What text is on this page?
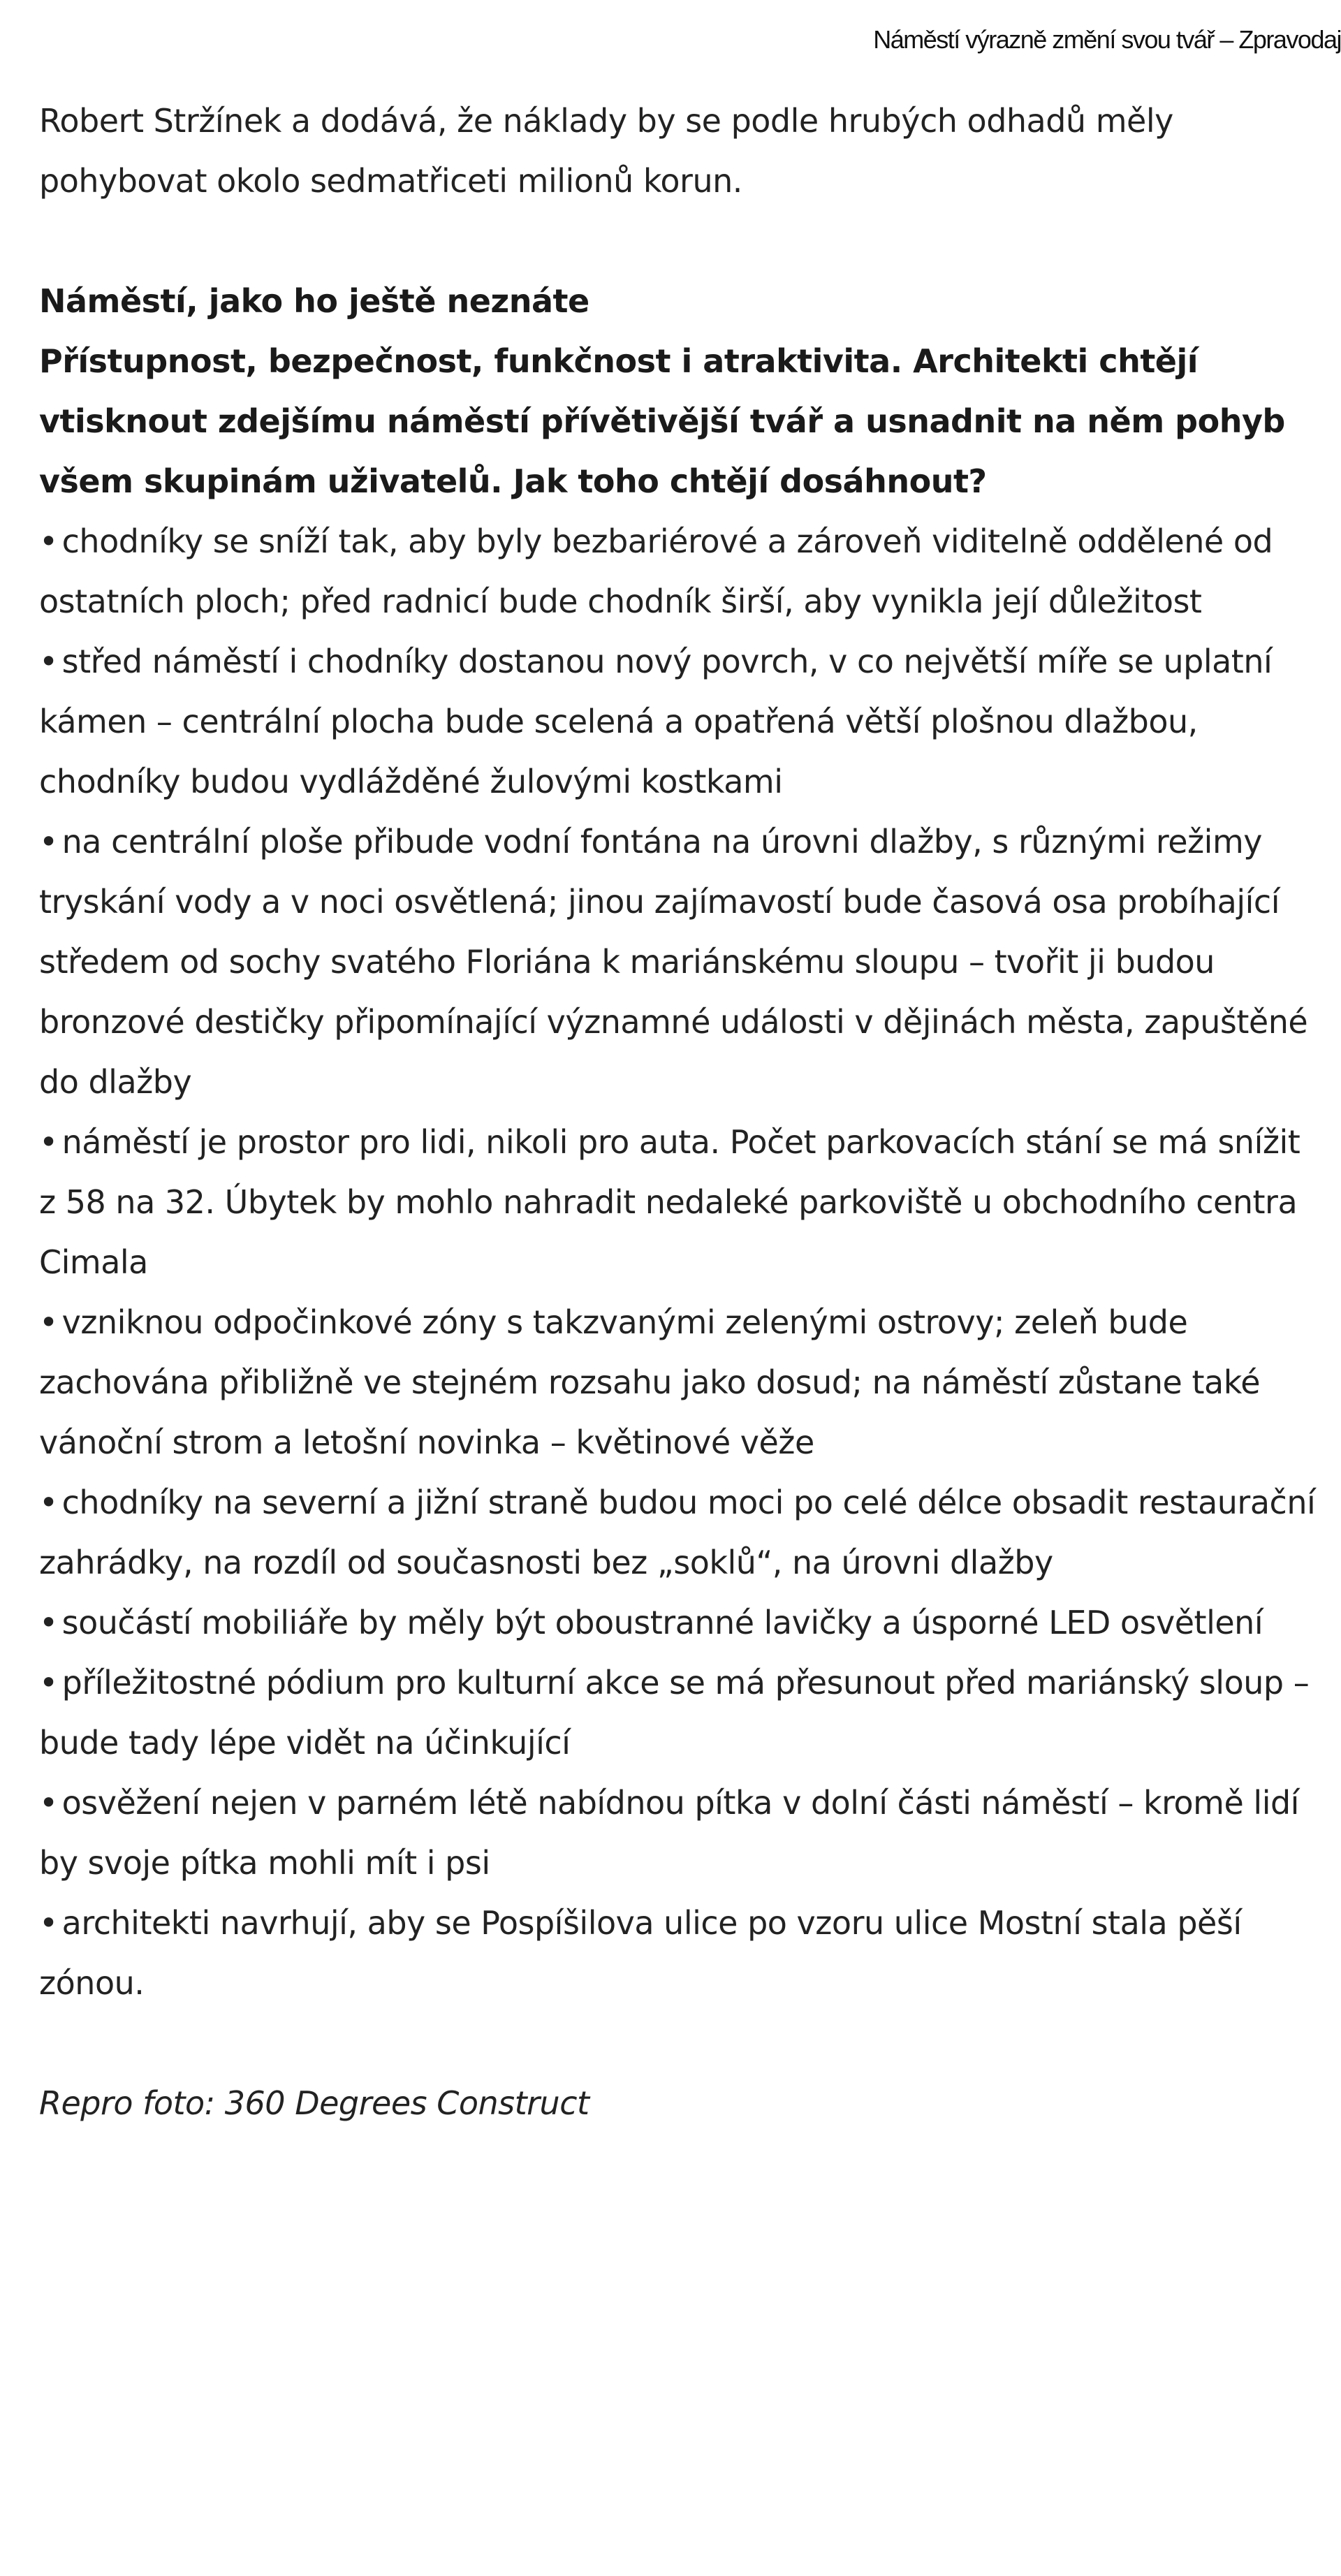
Náměstí výrazně změní svou tvář – Zpravodaj

Robert Stržínek a dodává, že náklady by se podle hrubých odhadů měly pohybovat okolo sedmatřiceti milionů korun.

Náměstí, jako ho ještě neznáte

Přístupnost, bezpečnost, funkčnost i atraktivita. Architekti chtějí vtisknout zdejšímu náměstí přívětivější tvář a usnadnit na něm pohyb všem skupinám uživatelů. Jak toho chtějí dosáhnout?

• chodníky se sníží tak, aby byly bezbariérové a zároveň viditelně oddělené od ostatních ploch; před radnicí bude chodník širší, aby vynikla její důležitost
• střed náměstí i chodníky dostanou nový povrch, v co největší míře se uplatní kámen – centrální plocha bude scelená a opatřená větší plošnou dlažbou, chodníky budou vydlážděné žulovými kostkami
• na centrální ploše přibude vodní fontána na úrovni dlažby, s různými režimy tryskání vody a v noci osvětlená; jinou zajímavostí bude časová osa probíhající středem od sochy svatého Floriána k mariánskému sloupu – tvořit ji budou bronzové destičky připomínající významné události v dějinách města, zapuštěné do dlažby
• náměstí je prostor pro lidi, nikoli pro auta. Počet parkovacích stání se má snížit z 58 na 32. Úbytek by mohlo nahradit nedaleké parkoviště u obchodního centra Cimala
• vzniknou odpočinkové zóny s takzvanými zelenými ostrovy; zeleň bude zachována přibližně ve stejném rozsahu jako dosud; na náměstí zůstane také vánoční strom a letošní novinka – květinové věže
• chodníky na severní a jižní straně budou moci po celé délce obsadit restaurační zahrádky, na rozdíl od současnosti bez „soklů“, na úrovni dlažby
• součástí mobiliáře by měly být oboustranné lavičky a úsporné LED osvětlení
• příležitostné pódium pro kulturní akce se má přesunout před mariánský sloup – bude tady lépe vidět na účinkující
• osvěžení nejen v parném létě nabídnou pítka v dolní části náměstí – kromě lidí by svoje pítka mohli mít i psi
• architekti navrhují, aby se Pospíšilova ulice po vzoru ulice Mostní stala pěší zónou.

Repro foto: 360 Degrees Construct
